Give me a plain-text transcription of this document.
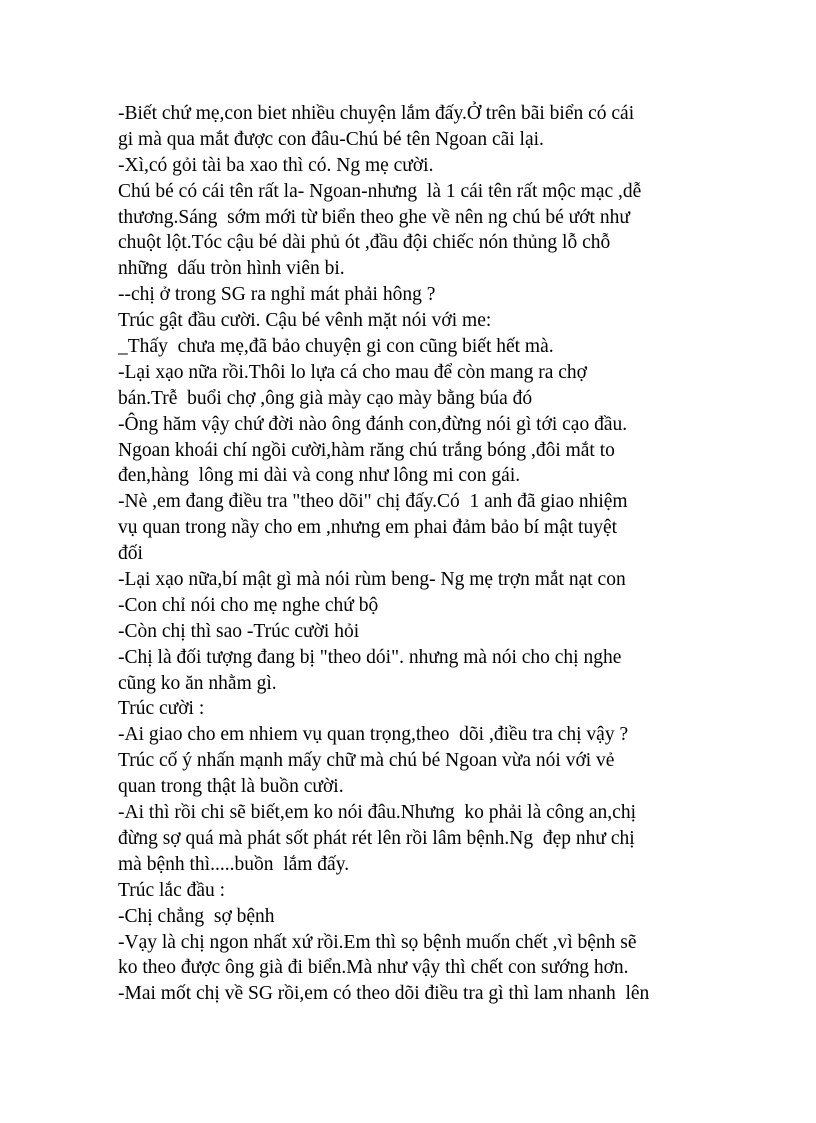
-Biết chứ mẹ,con biet nhiều chuyện lắm đấy.Ở trên bãi biển có cái
gi mà qua mắt được con đâu-Chú bé tên Ngoan cãi lại.
-Xì,có gỏi tài ba xao thì có. Ng mẹ cười.
Chú bé có cái tên rất la- Ngoan-nhưng  là 1 cái tên rất mộc mạc ,dễ
thương.Sáng  sớm mới từ biển theo ghe về nên ng chú bé ướt như
chuột lột.Tóc cậu bé dài phủ ót ,đầu đội chiếc nón thủng lỗ chỗ
những  dấu tròn hình viên bi.
--chị ở trong SG ra nghỉ mát phải hông ?
Trúc gật đầu cười. Cậu bé vênh mặt nói với me:
_Thấy  chưa mẹ,đã bảo chuyện gi con cũng biết hết mà.
-Lại xạo nữa rồi.Thôi lo lựa cá cho mau để còn mang ra chợ
bán.Trễ  buổi chợ ,ông già mày cạo mày bằng búa đó
-Ông hăm vậy chứ đời nào ông đánh con,đừng nói gì tới cạo đầu.
Ngoan khoái chí ngồi cười,hàm răng chú trắng bóng ,đôi mắt to
đen,hàng  lông mi dài và cong như lông mi con gái.
-Nè ,em đang điều tra "theo dõi" chị đấy.Có  1 anh đã giao nhiệm
vụ quan trong nầy cho em ,nhưng em phai đảm bảo bí mật tuyệt
đối
-Lại xạo nữa,bí mật gì mà nói rùm beng- Ng mẹ trợn mắt nạt con
-Con chỉ nói cho mẹ nghe chứ bộ
-Còn chị thì sao -Trúc cười hỏi
-Chị là đối tượng đang bị "theo dói". nhưng mà nói cho chị nghe
cũng ko ăn nhằm gì.
Trúc cười :
-Ai giao cho em nhiem vụ quan trọng,theo  dõi ,điều tra chị vậy ?
Trúc cố ý nhấn mạnh mấy chữ mà chú bé Ngoan vừa nói với vẻ
quan trong thật là buồn cười.
-Ai thì rồi chi sẽ biết,em ko nói đâu.Nhưng  ko phải là công an,chị
đừng sợ quá mà phát sốt phát rét lên rồi lâm bệnh.Ng  đẹp như chị
mà bệnh thì.....buồn  lắm đấy.
Trúc lắc đầu :
-Chị chẳng  sợ bệnh
-Vạy là chị ngon nhất xứ rồi.Em thì sọ bệnh muốn chết ,vì bệnh sẽ
ko theo được ông già đi biển.Mà như vậy thì chết con sướng hơn.
-Mai mốt chị về SG rồi,em có theo dõi điều tra gì thì lam nhanh  lên
